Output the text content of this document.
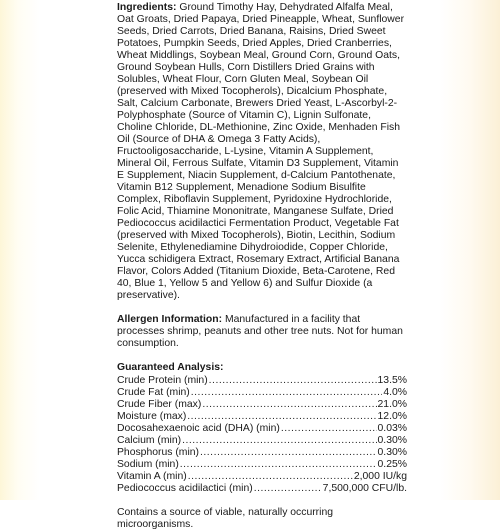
Ingredients: Ground Timothy Hay, Dehydrated Alfalfa Meal, Oat Groats, Dried Papaya, Dried Pineapple, Wheat, Sunflower Seeds, Dried Carrots, Dried Banana, Raisins, Dried Sweet Potatoes, Pumpkin Seeds, Dried Apples, Dried Cranberries, Wheat Middlings, Soybean Meal, Ground Corn, Ground Oats, Ground Soybean Hulls, Corn Distillers Dried Grains with Solubles, Wheat Flour, Corn Gluten Meal, Soybean Oil (preserved with Mixed Tocopherols), Dicalcium Phosphate, Salt, Calcium Carbonate, Brewers Dried Yeast, L-Ascorbyl-2-Polyphosphate (Source of Vitamin C), Lignin Sulfonate, Choline Chloride, DL-Methionine, Zinc Oxide, Menhaden Fish Oil (Source of DHA & Omega 3 Fatty Acids), Fructooligosaccharide, L-Lysine, Vitamin A Supplement, Mineral Oil, Ferrous Sulfate, Vitamin D3 Supplement, Vitamin E Supplement, Niacin Supplement, d-Calcium Pantothenate, Vitamin B12 Supplement, Menadione Sodium Bisulfite Complex, Riboflavin Supplement, Pyridoxine Hydrochloride, Folic Acid, Thiamine Mononitrate, Manganese Sulfate, Dried Pediococcus acidilactici Fermentation Product, Vegetable Fat (preserved with Mixed Tocopherols), Biotin, Lecithin, Sodium Selenite, Ethylenediamine Dihydroiodide, Copper Chloride, Yucca schidigera Extract, Rosemary Extract, Artificial Banana Flavor, Colors Added (Titanium Dioxide, Beta-Carotene, Red 40, Blue 1, Yellow 5 and Yellow 6) and Sulfur Dioxide (a preservative).

Allergen Information: Manufactured in a facility that processes shrimp, peanuts and other tree nuts. Not for human consumption.

Guaranteed Analysis:
Crude Protein (min) .....	13.5%
Crude Fat (min) .....	4.0%
Crude Fiber (max) .....	21.0%
Moisture (max) .....	12.0%
Docosahexaenoic acid (DHA) (min) .....	0.03%
Calcium (min) .....	0.30%
Phosphorus (min) .....	0.30%
Sodium (min) .....	0.25%
Vitamin A (min) .....	2,000 IU/kg
Pediococcus acidilactici (min) .....	7,500,000 CFU/lb.

Contains a source of viable, naturally occurring microorganisms.
